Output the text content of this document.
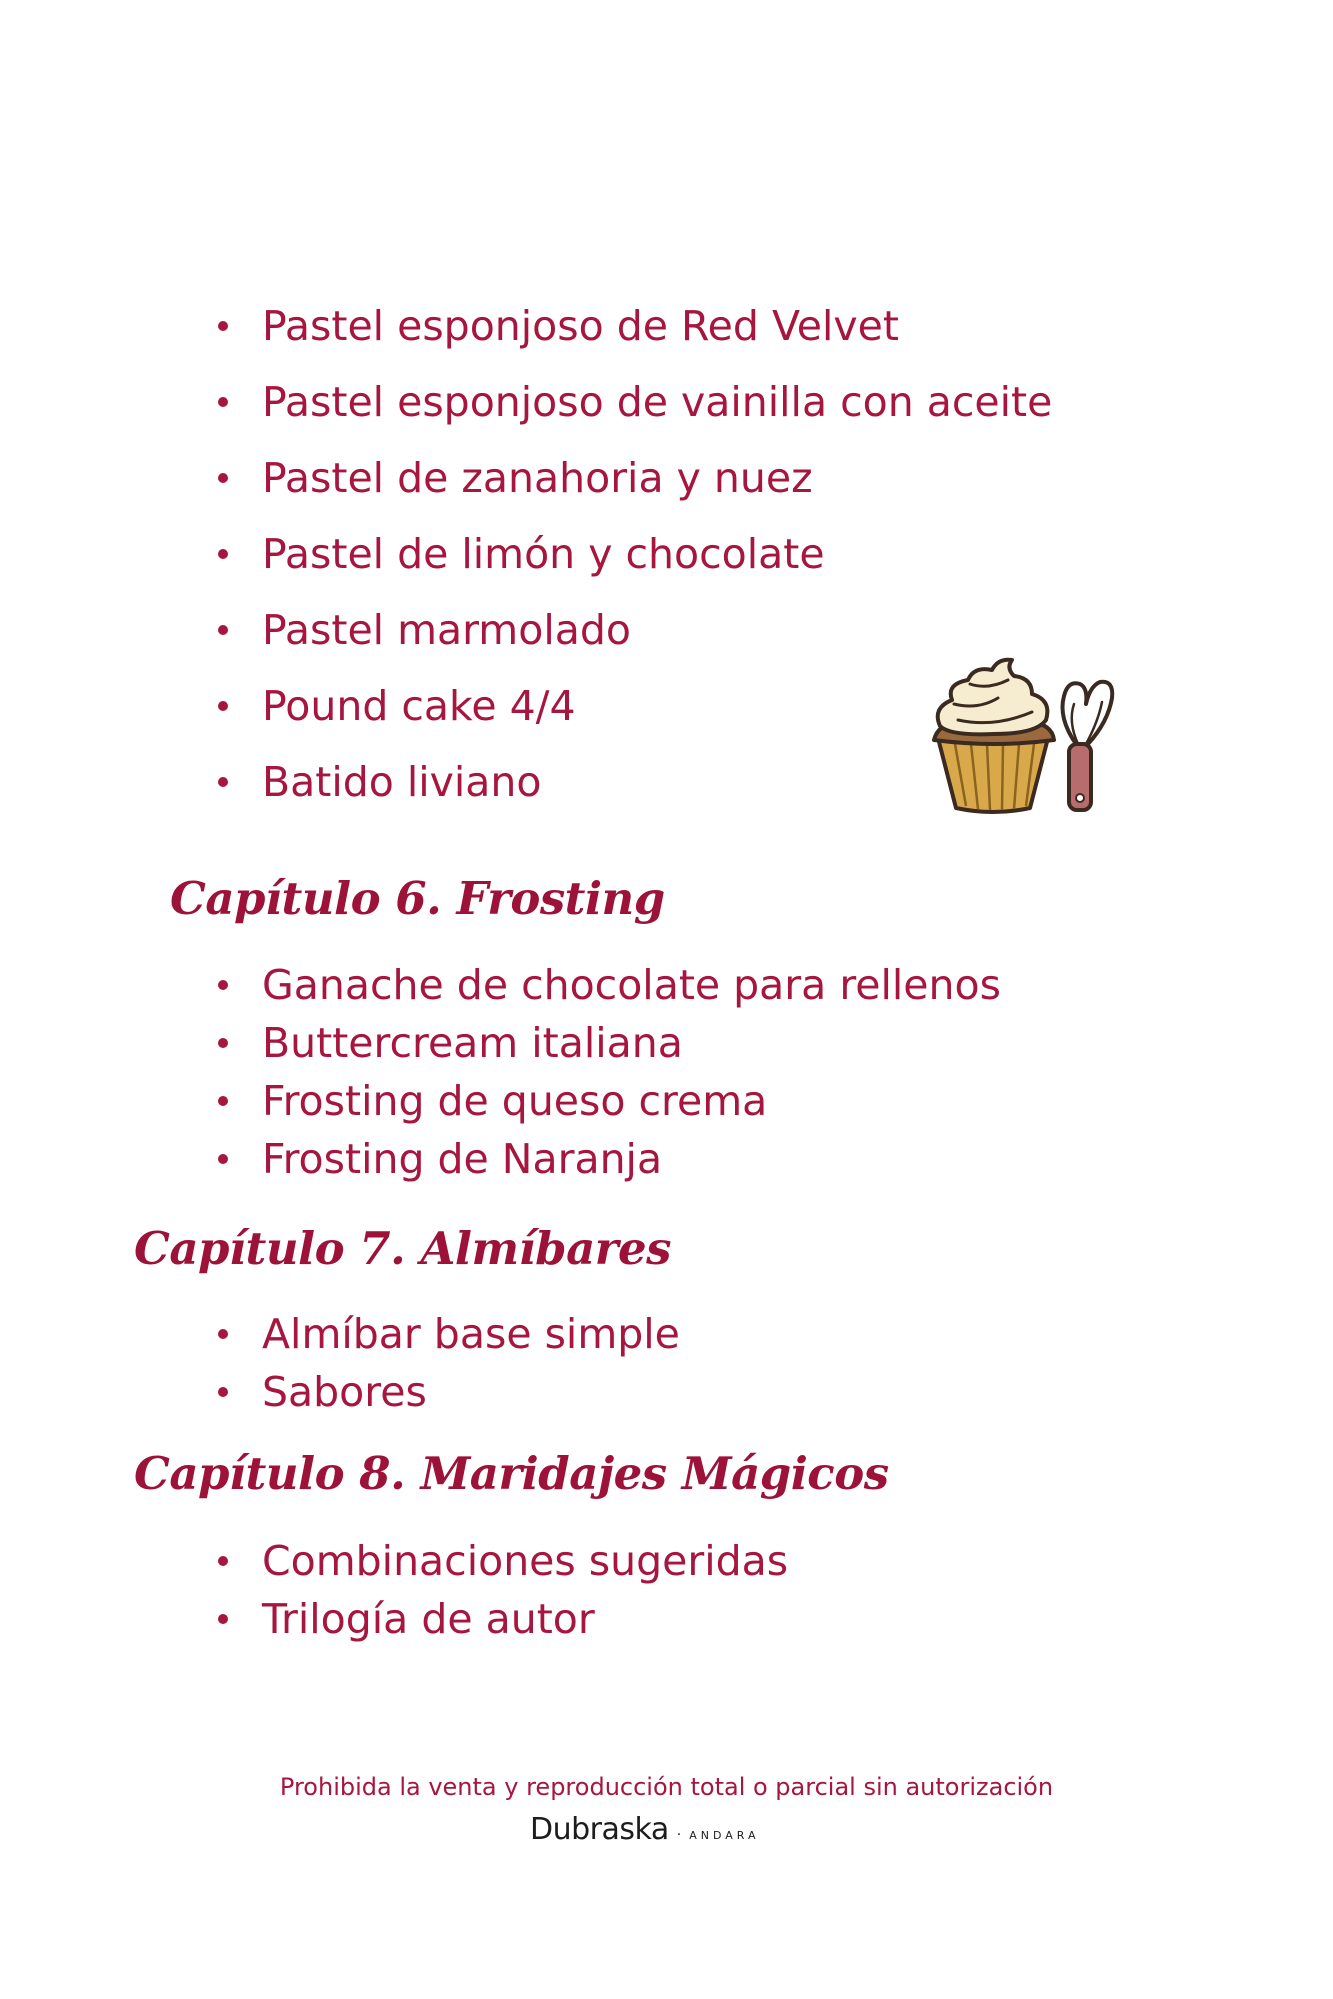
Pastel esponjoso de Red Velvet
Pastel esponjoso de vainilla con aceite
Pastel de zanahoria y nuez
Pastel de limón y chocolate
Pastel marmolado
Pound cake 4/4
Batido liviano
Capítulo 6. Frosting
Ganache de chocolate para rellenos
Buttercream italiana
Frosting de queso crema
Frosting de Naranja
Capítulo 7. Almíbares
Almíbar base simple
Sabores
Capítulo 8. Maridajes Mágicos
Combinaciones sugeridas
Trilogía de autor
Prohibida la venta y reproducción total o parcial sin autorización
Dubraska · ANDARA
